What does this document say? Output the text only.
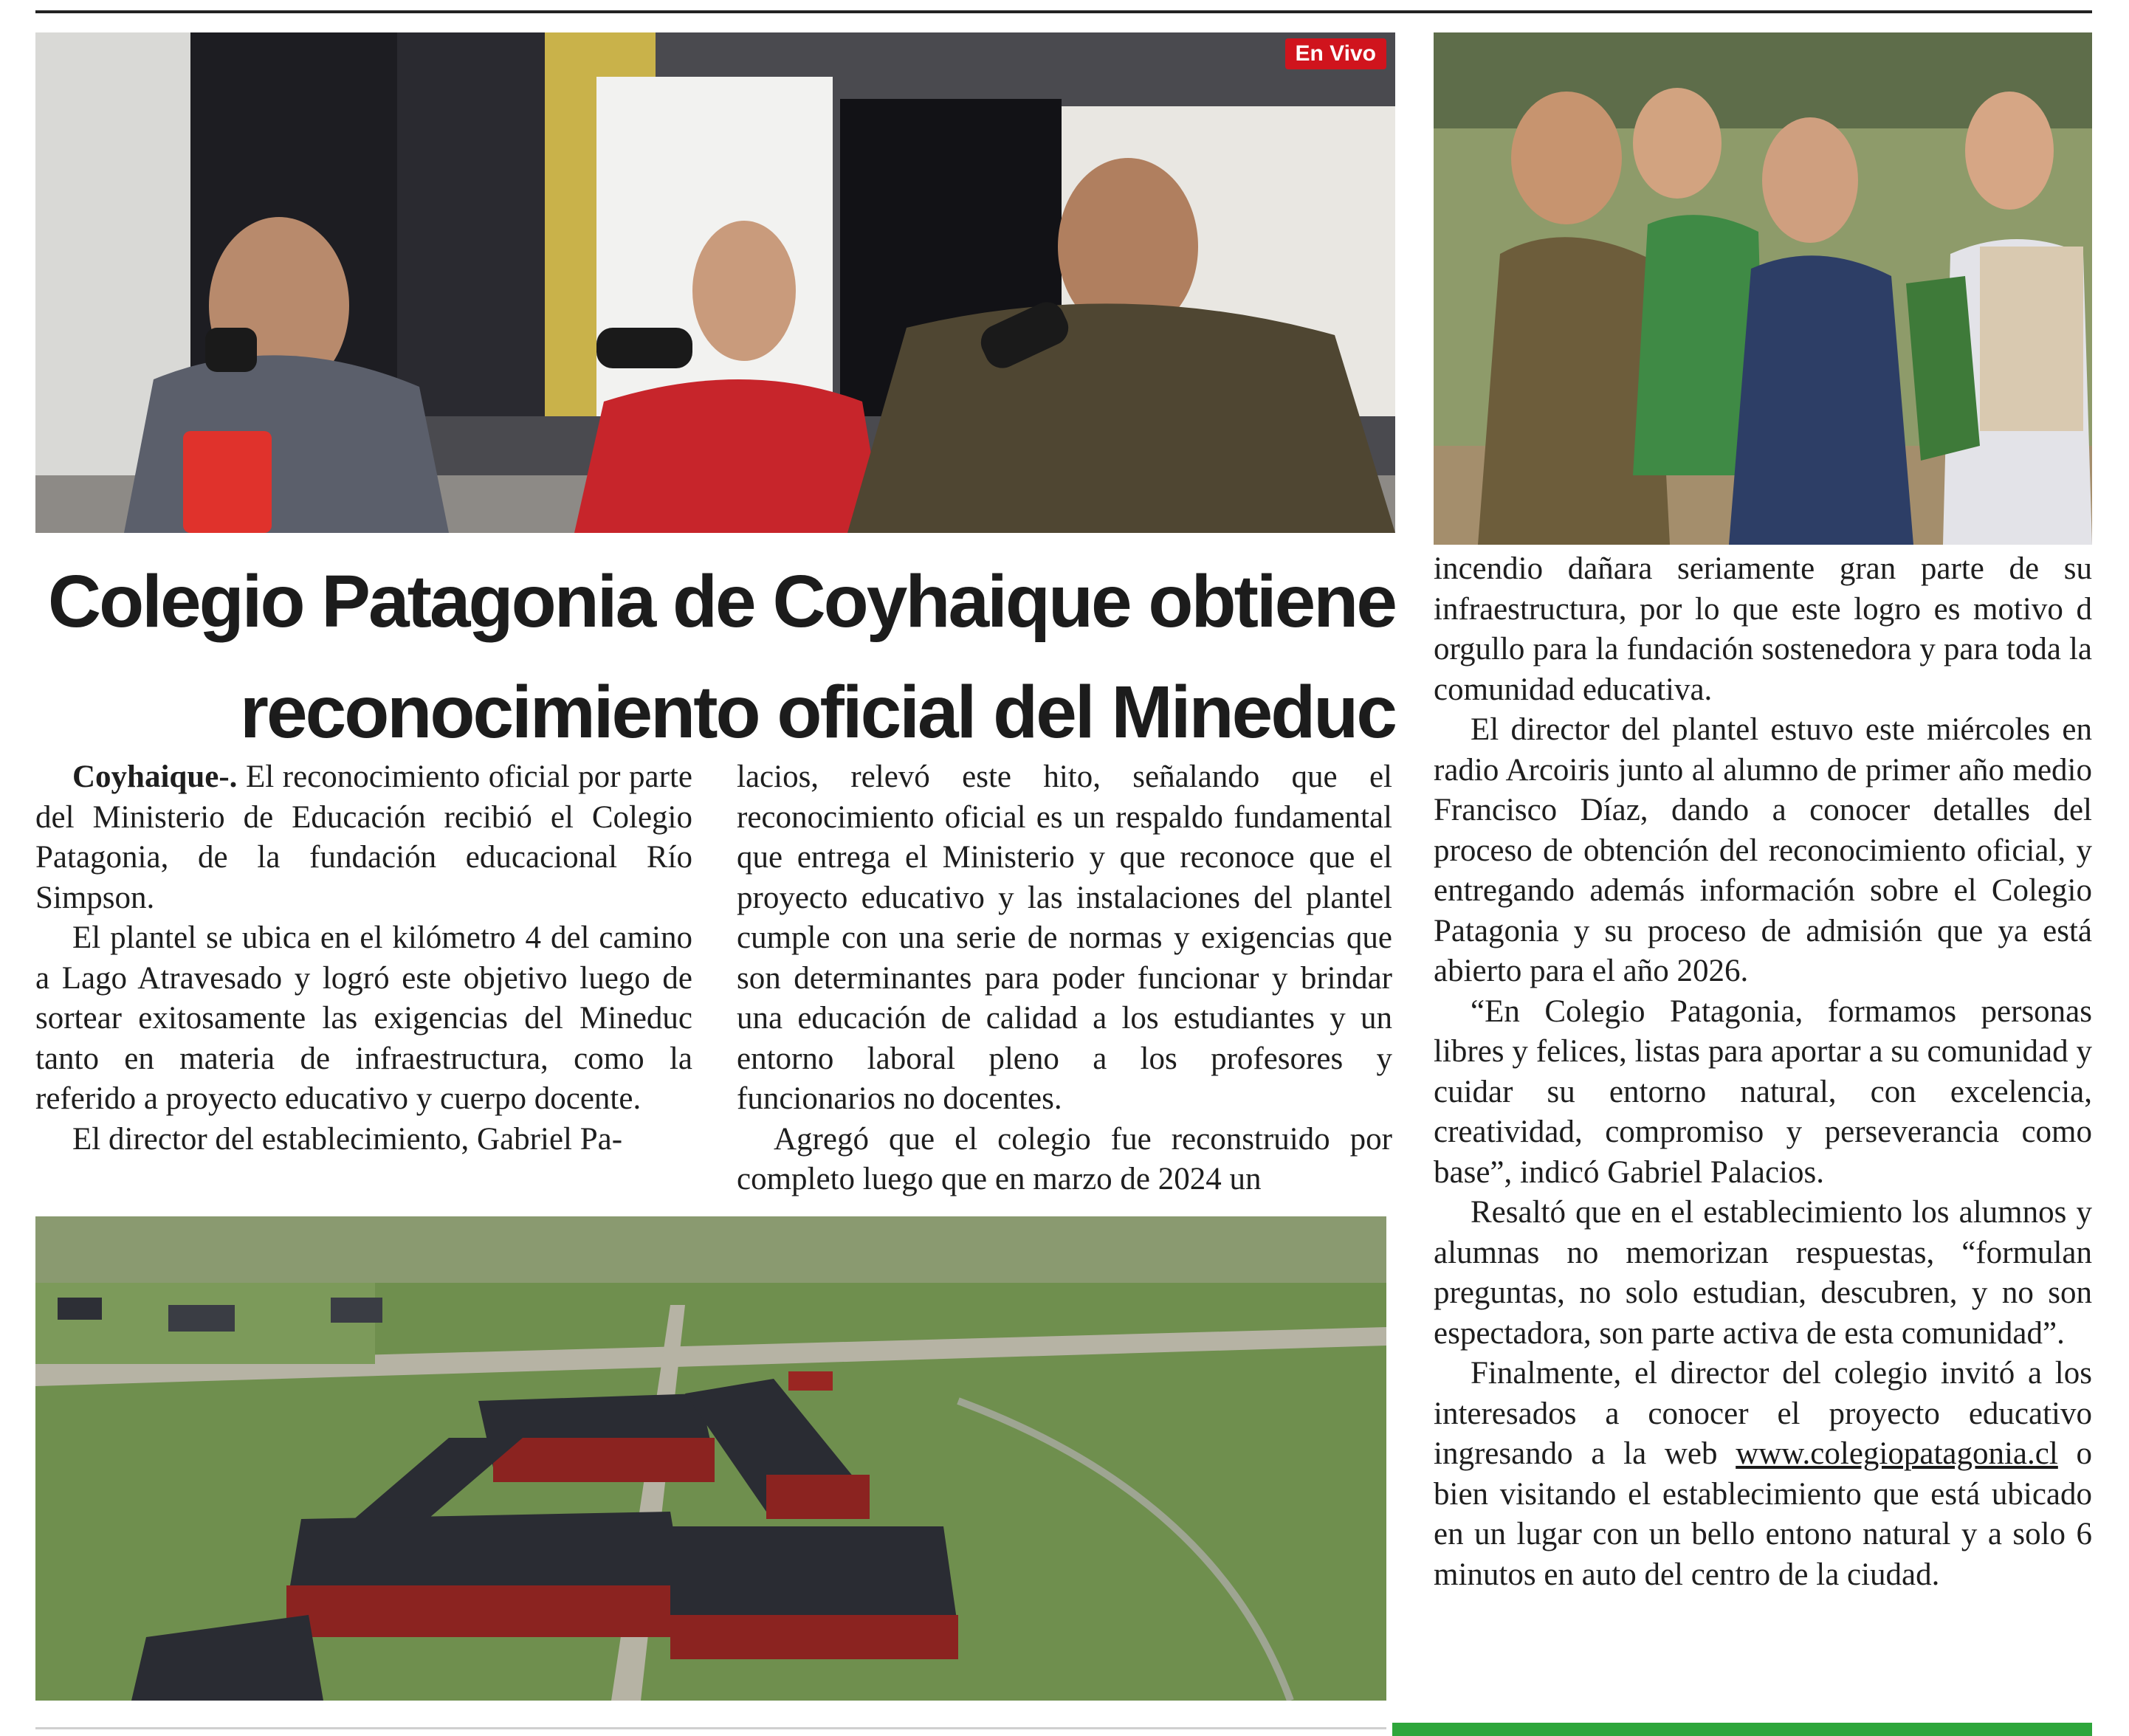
En Vivo
Colegio Patagonia de Coyhaique obtiene
reconocimiento oficial del Mineduc

Coyhaique-. El reconocimiento oficial por parte del Ministerio de Educación recibió el Colegio Patagonia, de la fundación educacional Río Simpson.

El plantel se ubica en el kilómetro 4 del camino a Lago Atravesado y logró este objetivo luego de sortear exitosamente las exigencias del Mineduc tanto en materia de infraestructura, como la referido a proyecto educativo y cuerpo docente.

El director del establecimiento, Gabriel Pa-

lacios, relevó este hito, señalando que el reconocimiento oficial es un respaldo fundamental que entrega el Ministerio y que reconoce que el proyecto educativo y las instalaciones del plantel cumple con una serie de normas y exigencias que son determinantes para poder funcionar y brindar una educación de calidad a los estudiantes y un entorno laboral pleno a los profesores y funcionarios no docentes.

Agregó que el colegio fue reconstruido por completo luego que en marzo de 2024 un

incendio dañara seriamente gran parte de su infraestructura, por lo que este logro es motivo d orgullo para la fundación sostenedora y para toda la comunidad educativa.

El director del plantel estuvo este miércoles en radio Arcoiris junto al alumno de primer año medio Francisco Díaz, dando a conocer detalles del proceso de obtención del reconocimiento oficial, y entregando además información sobre el Colegio Patagonia y su proceso de admisión que ya está abierto para el año 2026.

“En Colegio Patagonia, formamos personas libres y felices, listas para aportar a su comunidad y cuidar su entorno natural, con excelencia, creatividad, compromiso y perseverancia como base”, indicó Gabriel Palacios.

Resaltó que en el establecimiento los alumnos y alumnas no memorizan respuestas, “formulan preguntas, no solo estudian, descubren, y no son espectadora, son parte activa de esta comunidad”.

Finalmente, el director del colegio invitó a los interesados a conocer el proyecto educativo ingresando a la web www.colegiopatagonia.cl o bien visitando el establecimiento que está ubicado en un lugar con un bello entono natural y a solo 6 minutos en auto del centro de la ciudad.
